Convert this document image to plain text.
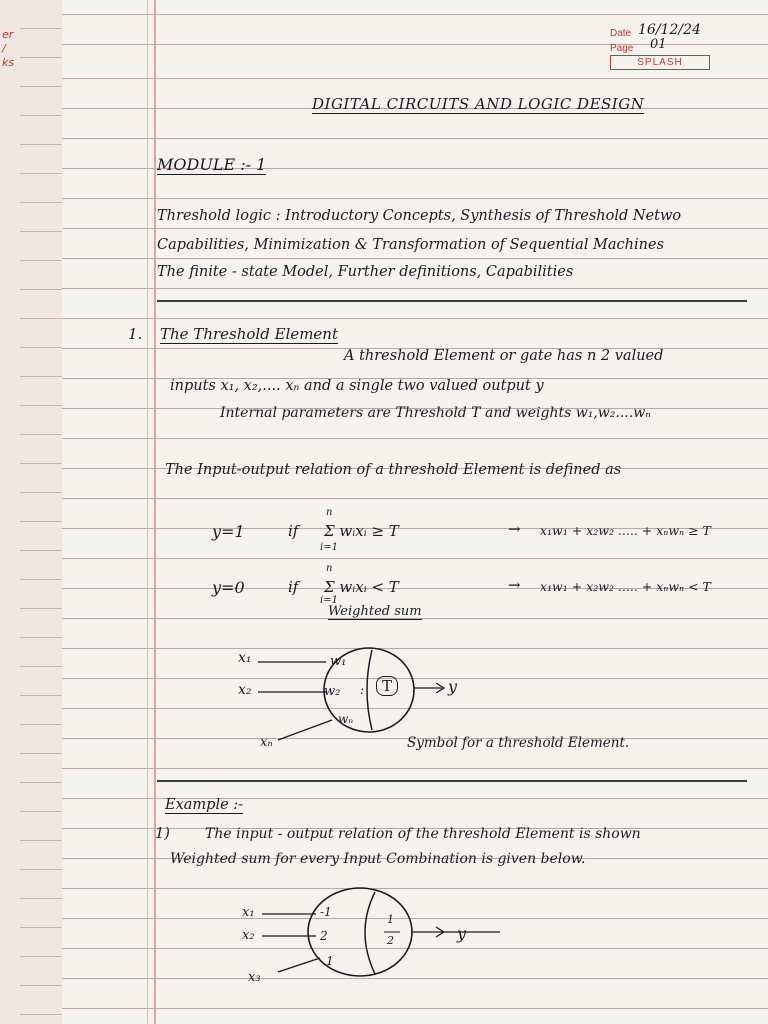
er
/
ks
Date 16/12/24
Page 01
SPLASH
DIGITAL CIRCUITS AND LOGIC DESIGN
MODULE :- 1
Threshold logic : Introductory Concepts, Synthesis of Threshold Netwo
Capabilities, Minimization & Transformation of Sequential Machines
The finite - state Model, Further definitions, Capabilities
1. The Threshold Element
A threshold Element or gate has n 2 valued
inputs x₁, x₂,.... xₙ and a single two valued output y
Internal parameters are Threshold T and weights w₁,w₂....wₙ
The Input-output relation of a threshold Element is defined as
y=1	if
n
Σ wᵢxᵢ ≥ T
i=1
→ x₁w₁ + x₂w₂ ..... + xₙwₙ ≥ T
y=0	if
n
Σ wᵢxᵢ < T
i=1
→ x₁w₁ + x₂w₂ ..... + xₙwₙ < T
Weighted sum
:
x₁
x₂
xₙ
w₁
w₂
wₙ
T	y
Symbol for a threshold Element.
Example :-
1)	The input - output relation of the threshold Element is shown
Weighted sum for every Input Combination is given below.
x₁
x₂
x₃
-1
2
1
1
2	y
